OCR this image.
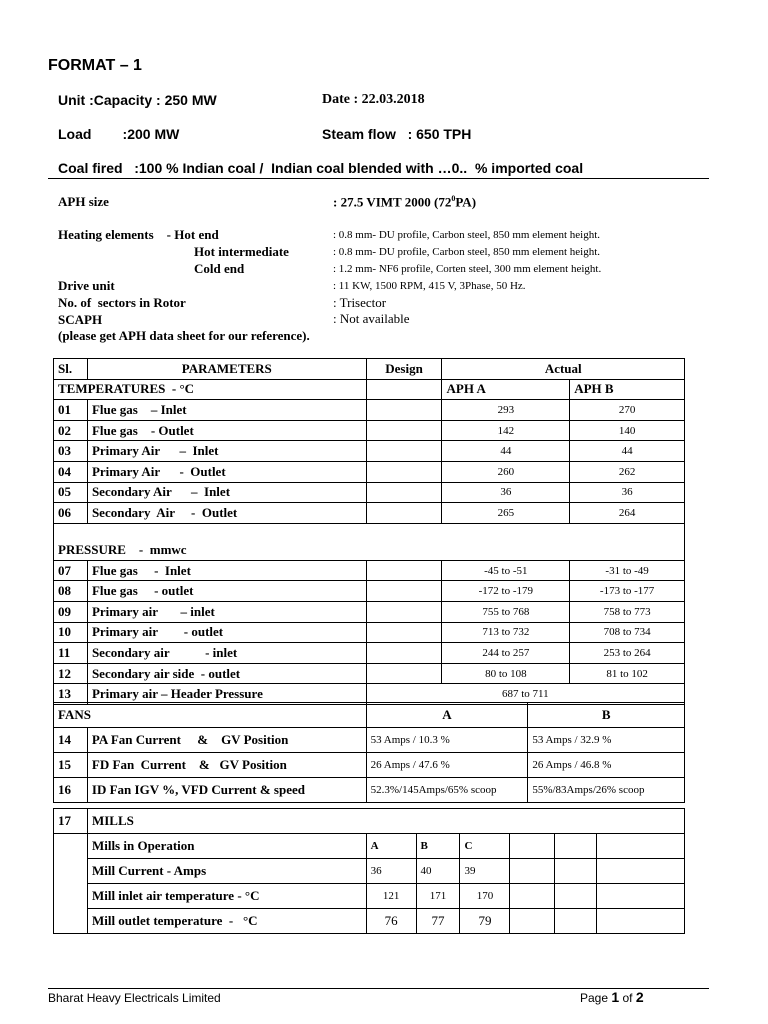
FORMAT – 1
Unit :Capacity : 250 MW	Date : 22.03.2018
Load        :200 MW	Steam flow   : 650 TPH
Coal fired   :100 % Indian coal /  Indian coal blended with …0..  % imported coal
APH size	: 27.5 VIMT 2000 $(72^0PA)$
Heating elements    - Hot end	: 0.8 mm- DU profile, Carbon steel, 850 mm element height.
Hot intermediate	: 0.8 mm- DU profile, Carbon steel, 850 mm element height.
Cold end	: 1.2 mm- NF6 profile, Corten steel, 300 mm element height.
Drive unit	: 11 KW, 1500 RPM, 415 V, 3Phase, 50 Hz.
No. of  sectors in Rotor	: Trisector
SCAPH	: Not available
(please get APH data sheet for our reference).
Sl.	PARAMETERS	Design	Actual	
TEMPERATURES  - °C			APH A	APH B
01	Flue gas    – Inlet		293	270
02	Flue gas    - Outlet		142	140
03	Primary Air      –  Inlet		44	44
04	Primary Air      -  Outlet		260	262
05	Secondary Air      –  Inlet		36	36
06	Secondary  Air     -  Outlet		265	264
PRESSURE    -  mmwc				
07	Flue gas     -  Inlet		-45 to -51	-31 to -49
08	Flue gas     - outlet		-172 to -179	-173 to -177
09	Primary air       – inlet		755 to 768	758 to 773
10	Primary air        - outlet		713 to 732	708 to 734
11	Secondary air           - inlet		244 to 257	253 to 264
12	Secondary air side  - outlet		80 to 108	81 to 102
13	Primary air – Header Pressure	687 to 711		
FANS		A	B
14	PA Fan Current     &    GV Position	53 Amps / 10.3 %	53 Amps / 32.9 %
15	FD Fan  Current    &   GV Position	26 Amps / 47.6 %	26 Amps / 46.8 %
16	ID Fan IGV %, VFD Current & speed	52.3%/145Amps/65% scoop	55%/83Amps/26% scoop
17	MILLS						
	Mills in Operation	A	B	C			
	Mill Current - Amps	36	40	39			
	Mill inlet air temperature - °C	121	171	170			
	Mill outlet temperature  -   °C	76	77	79			
Bharat Heavy Electricals Limited	Page 1 of 2
